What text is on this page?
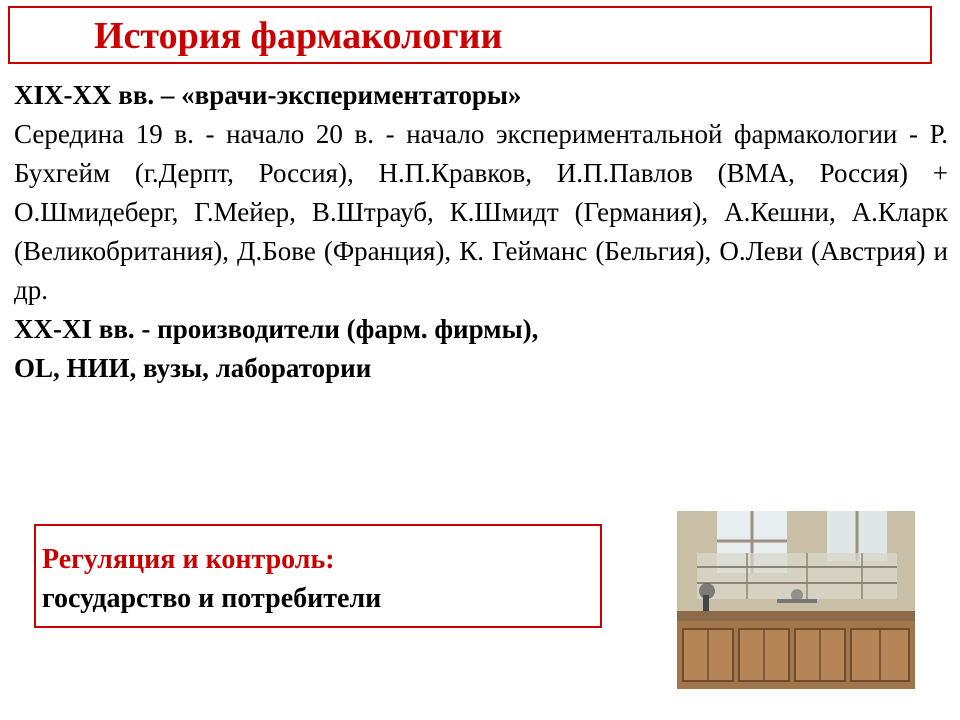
История фармакологии

XIX-XX вв. – «врачи-экспериментаторы»

Середина 19 в. - начало 20 в. - начало экспериментальной фармакологии - Р. Бухгейм (г.Дерпт, Россия), Н.П.Кравков, И.П.Павлов (ВМА, Россия) + О.Шмидеберг, Г.Мейер, В.Штрауб, К.Шмидт (Германия), А.Кешни, А.Кларк (Великобритания), Д.Бове (Франция), К. Гейманс (Бельгия), О.Леви (Австрия) и др.

XX-XI вв. - производители (фарм. фирмы),

OL, НИИ, вузы, лаборатории

Регуляция и контроль:
государство и потребители
